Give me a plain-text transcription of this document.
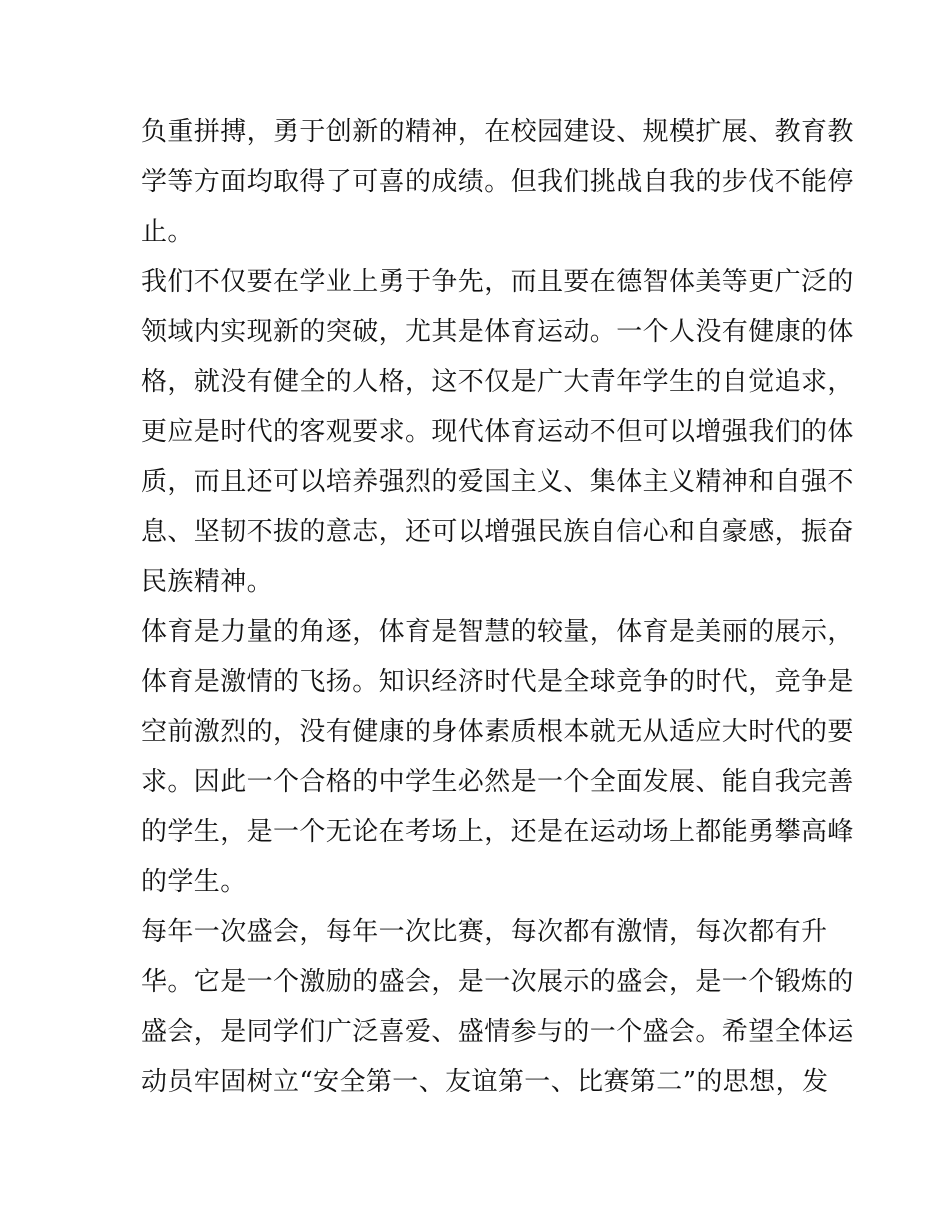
负重拼搏，勇于创新的精神，在校园建设、规模扩展、教育教
学等方面均取得了可喜的成绩。但我们挑战自我的步伐不能停
止。
我们不仅要在学业上勇于争先，而且要在德智体美等更广泛的
领域内实现新的突破，尤其是体育运动。一个人没有健康的体
格，就没有健全的人格，这不仅是广大青年学生的自觉追求，
更应是时代的客观要求。现代体育运动不但可以增强我们的体
质，而且还可以培养强烈的爱国主义、集体主义精神和自强不
息、坚韧不拔的意志，还可以增强民族自信心和自豪感，振奋
民族精神。
体育是力量的角逐，体育是智慧的较量，体育是美丽的展示，
体育是激情的飞扬。知识经济时代是全球竞争的时代，竞争是
空前激烈的，没有健康的身体素质根本就无从适应大时代的要
求。因此一个合格的中学生必然是一个全面发展、能自我完善
的学生，是一个无论在考场上，还是在运动场上都能勇攀高峰
的学生。
每年一次盛会，每年一次比赛，每次都有激情，每次都有升
华。它是一个激励的盛会，是一次展示的盛会，是一个锻炼的
盛会，是同学们广泛喜爱、盛情参与的一个盛会。希望全体运
动员牢固树立“安全第一、友谊第一、比赛第二”的思想，发
